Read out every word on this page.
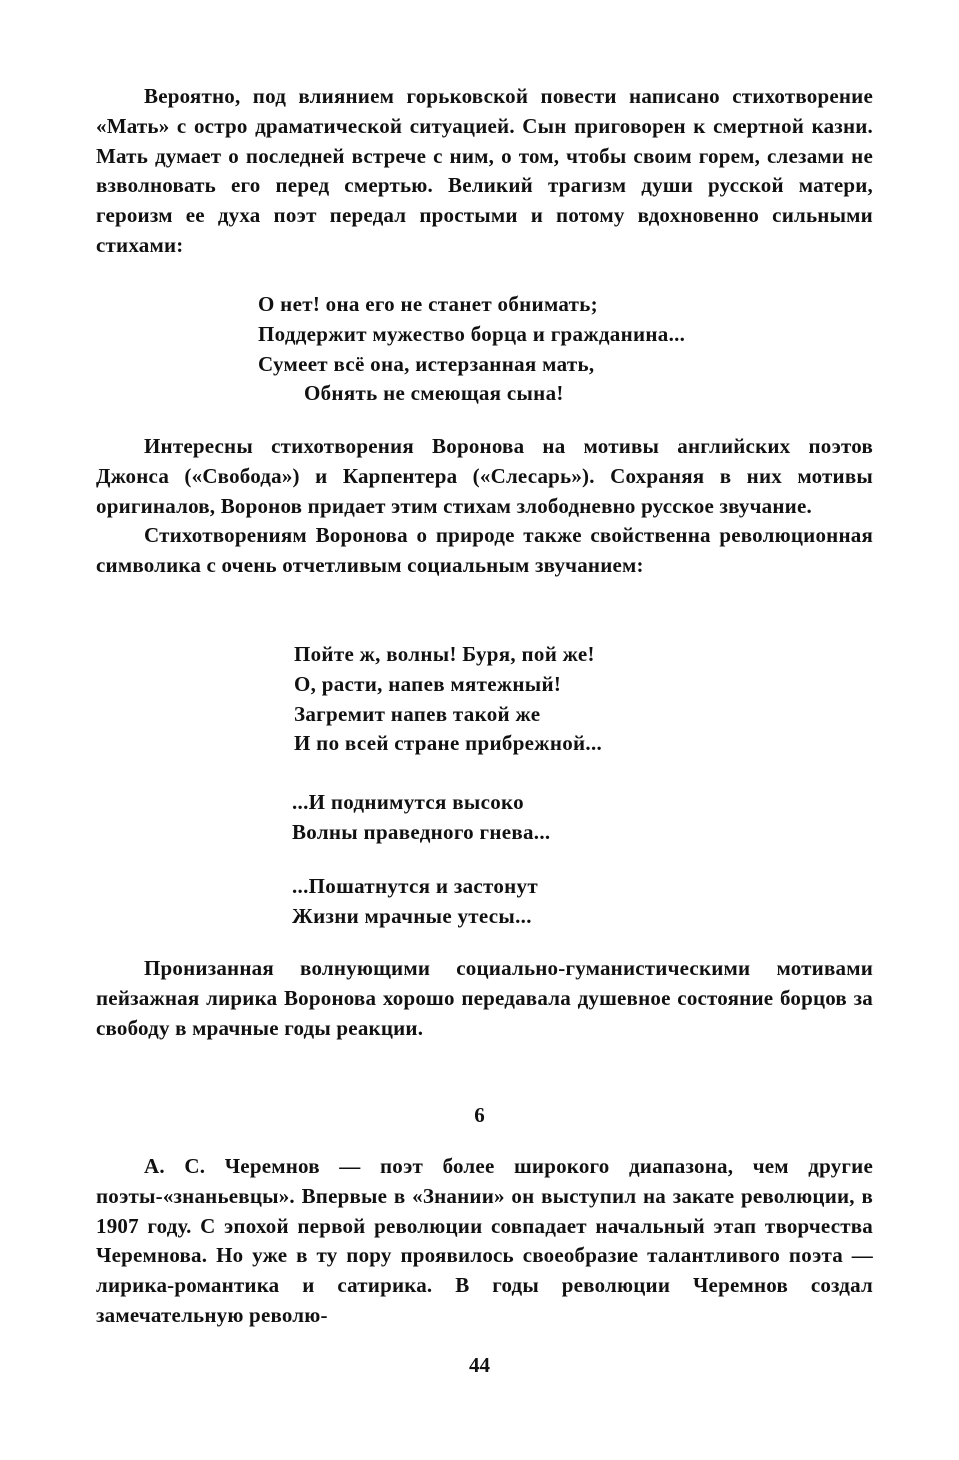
Вероятно, под влиянием горьковской повести написано стихотворение «Мать» с остро драматической ситуацией. Сын приговорен к смертной казни. Мать думает о последней встрече с ним, о том, чтобы своим горем, слезами не взволновать его перед смертью. Великий трагизм души русской матери, героизм ее духа поэт передал простыми и потому вдохновенно сильными стихами:

О нет! она его не станет обнимать;
Поддержит мужество борца и гражданина...
Сумеет всё она, истерзанная мать,
Обнять не смеющая сына!

Интересны стихотворения Воронова на мотивы английских поэтов Джонса («Свобода») и Карпентера («Слесарь»). Сохраняя в них мотивы оригиналов, Воронов придает этим стихам злободневно русское звучание.

Стихотворениям Воронова о природе также свойственна революционная символика с очень отчетливым социальным звучанием:

Пойте ж, волны! Буря, пой же!
О, расти, напев мятежный!
Загремит напев такой же
И по всей стране прибрежной...
...И поднимутся высоко
Волны праведного гнева...
...Пошатнутся и застонут
Жизни мрачные утесы...

Пронизанная волнующими социально-гуманистическими мотивами пейзажная лирика Воронова хорошо передавала душевное состояние борцов за свободу в мрачные годы реакции.

6

А. С. Черемнов — поэт более широкого диапазона, чем другие поэты-«знаньевцы». Впервые в «Знании» он выступил на закате революции, в 1907 году. С эпохой первой революции совпадает начальный этап творчества Черемнова. Но уже в ту пору проявилось своеобразие талантливого поэта — лирика-романтика и сатирика. В годы революции Черемнов создал замечательную револю-

44
